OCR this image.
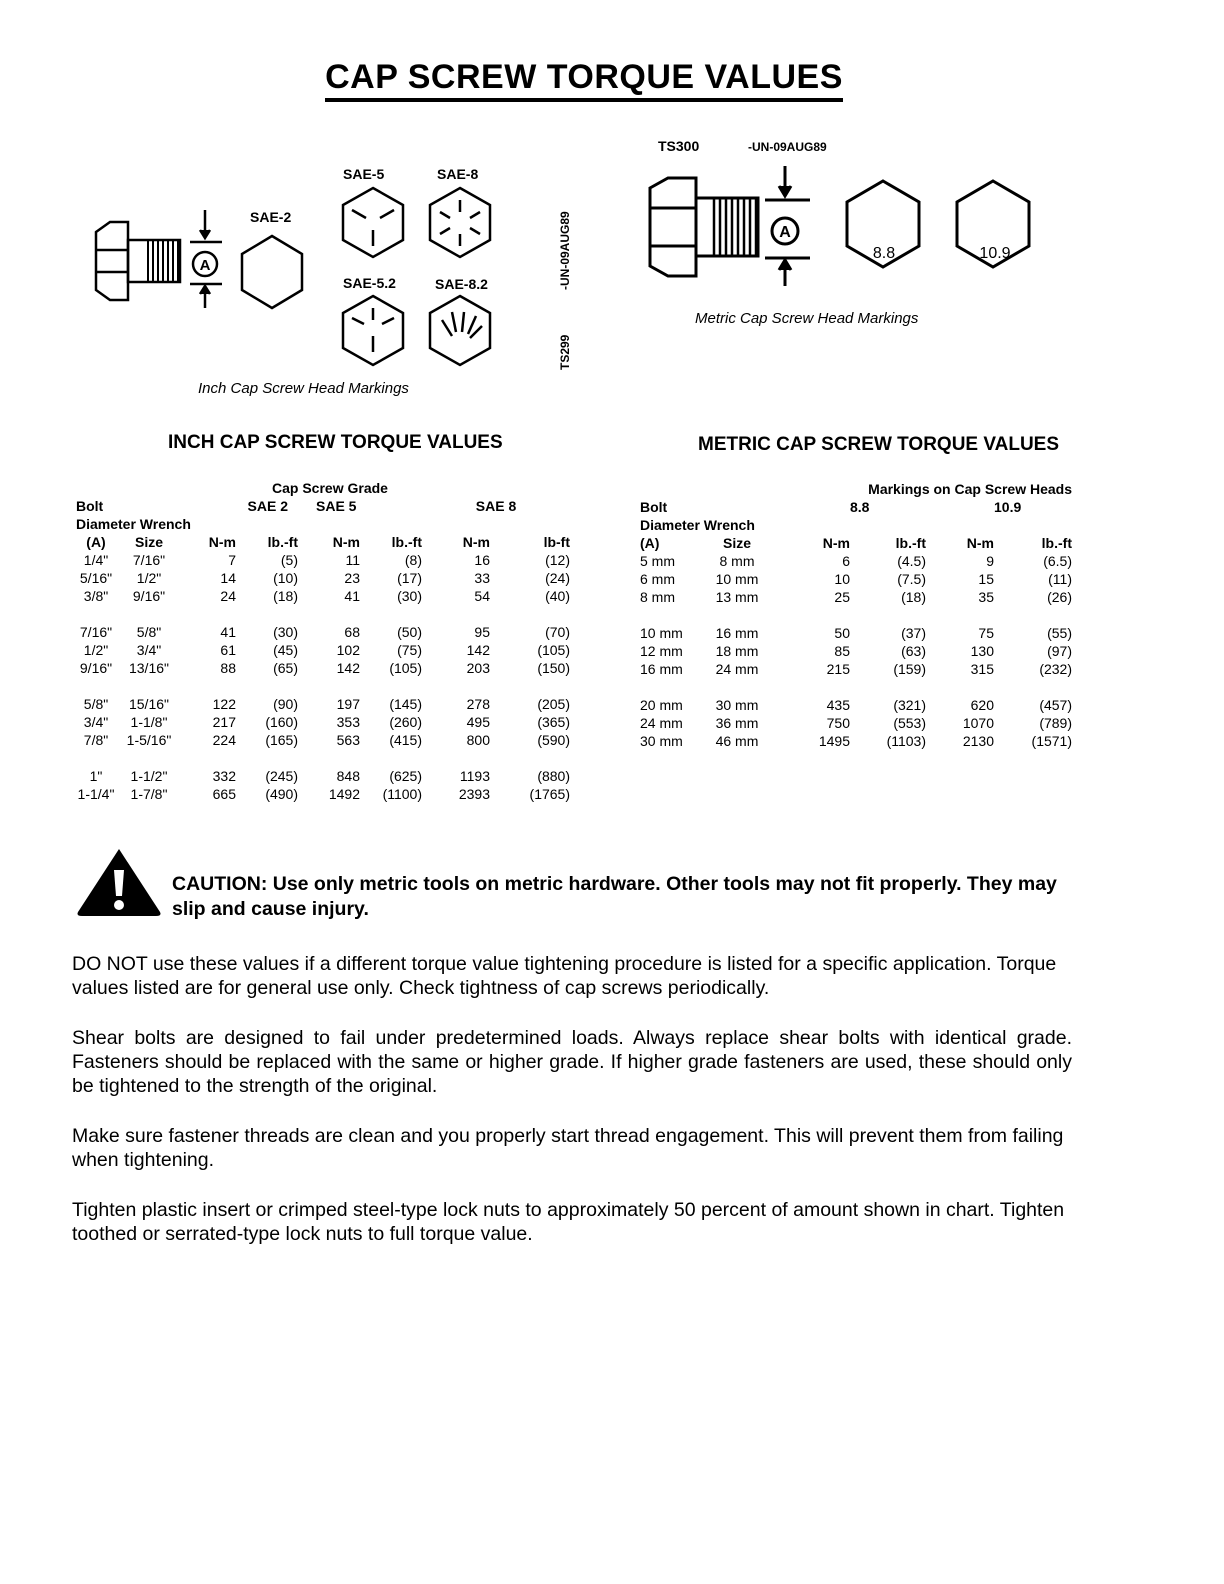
CAP SCREW TORQUE VALUES
A
SAE-2
SAE-5	SAE-8
SAE-5.2	SAE-8.2
Inch Cap Screw Head Markings
-UN-09AUG89
TS299
TS300	-UN-09AUG89
A
8.8	10.9
Metric Cap Screw Head Markings
INCH CAP SCREW TORQUE VALUES	METRIC CAP SCREW TORQUE VALUES
				Cap Screw Grade			
Bolt			SAE 2	SAE 5		SAE 8	
Diameter Wrench							
(A)	Size	N-m	lb.-ft	N-m	lb.-ft	N-m	lb-ft
1/4"	7/16"	7	(5)	11	(8)	16	(12)
5/16"	1/2"	14	(10)	23	(17)	33	(24)
3/8"	9/16"	24	(18)	41	(30)	54	(40)

7/16"	5/8"	41	(30)	68	(50)	95	(70)
1/2"	3/4"	61	(45)	102	(75)	142	(105)
9/16"	13/16"	88	(65)	142	(105)	203	(150)

5/8"	15/16"	122	(90)	197	(145)	278	(205)
3/4"	1-1/8"	217	(160)	353	(260)	495	(365)
7/8"	1-5/16"	224	(165)	563	(415)	800	(590)

1"	1-1/2"	332	(245)	848	(625)	1193	(880)
1-1/4"	1-7/8"	665	(490)	1492	(1100)	2393	(1765)
		Markings on Cap Screw Heads			
Bolt			8.8		10.9
Diameter Wrench					
(A)	Size	N-m	lb.-ft	N-m	lb.-ft
5 mm	8 mm	6	(4.5)	9	(6.5)
6 mm	10 mm	10	(7.5)	15	(11)
8 mm	13 mm	25	(18)	35	(26)

10 mm	16 mm	50	(37)	75	(55)
12 mm	18 mm	85	(63)	130	(97)
16 mm	24 mm	215	(159)	315	(232)

20 mm	30 mm	435	(321)	620	(457)
24 mm	36 mm	750	(553)	1070	(789)
30 mm	46 mm	1495	(1103)	2130	(1571)
CAUTION: Use only metric tools on metric hardware. Other tools may not fit properly. They may slip and cause injury.
DO NOT use these values if a different torque value tightening procedure is listed for a specific application. Torque values listed are for general use only. Check tightness of cap screws periodically.
Shear bolts are designed to fail under predetermined loads. Always replace shear bolts with identical grade. Fasteners should be replaced with the same or higher grade. If higher grade fasteners are used, these should only be tightened to the strength of the original.
Make sure fastener threads are clean and you properly start thread engagement. This will prevent them from failing when tightening.
Tighten plastic insert or crimped steel-type lock nuts to approximately 50 percent of amount shown in chart. Tighten toothed or serrated-type lock nuts to full torque value.
